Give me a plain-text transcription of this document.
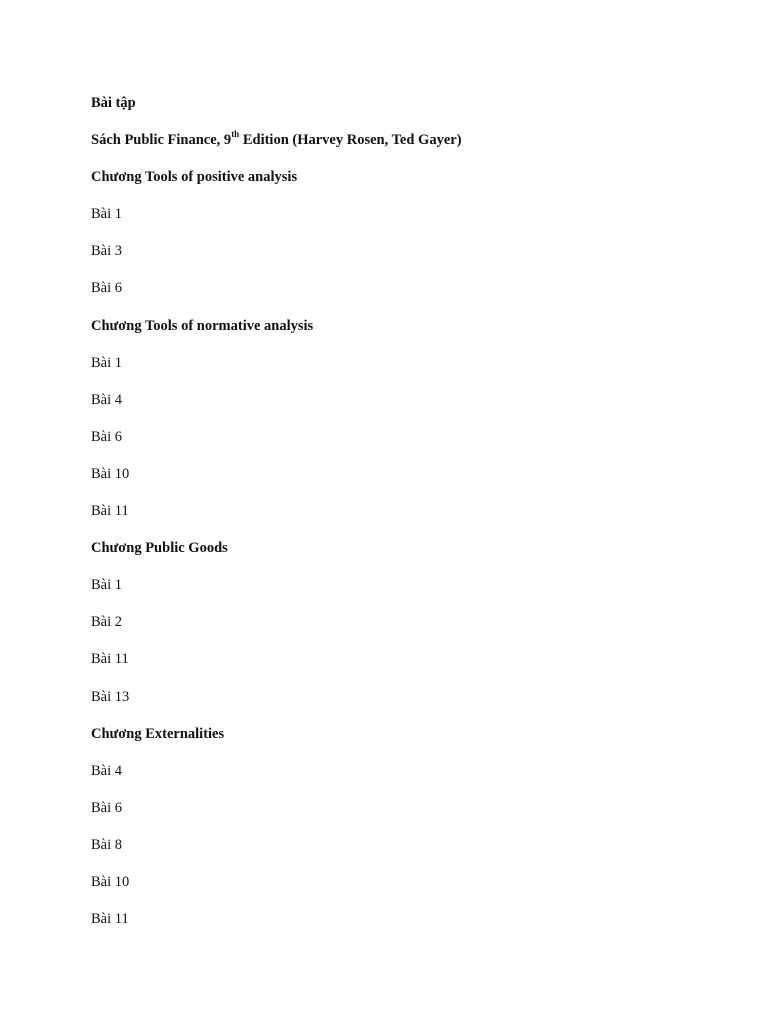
Bài tập
Sách Public Finance, 9th Edition (Harvey Rosen, Ted Gayer)
Chương Tools of positive analysis
Bài 1
Bài 3
Bài 6
Chương Tools of normative analysis
Bài 1
Bài 4
Bài 6
Bài 10
Bài 11
Chương Public Goods
Bài 1
Bài 2
Bài 11
Bài 13
Chương Externalities
Bài 4
Bài 6
Bài 8
Bài 10
Bài 11
